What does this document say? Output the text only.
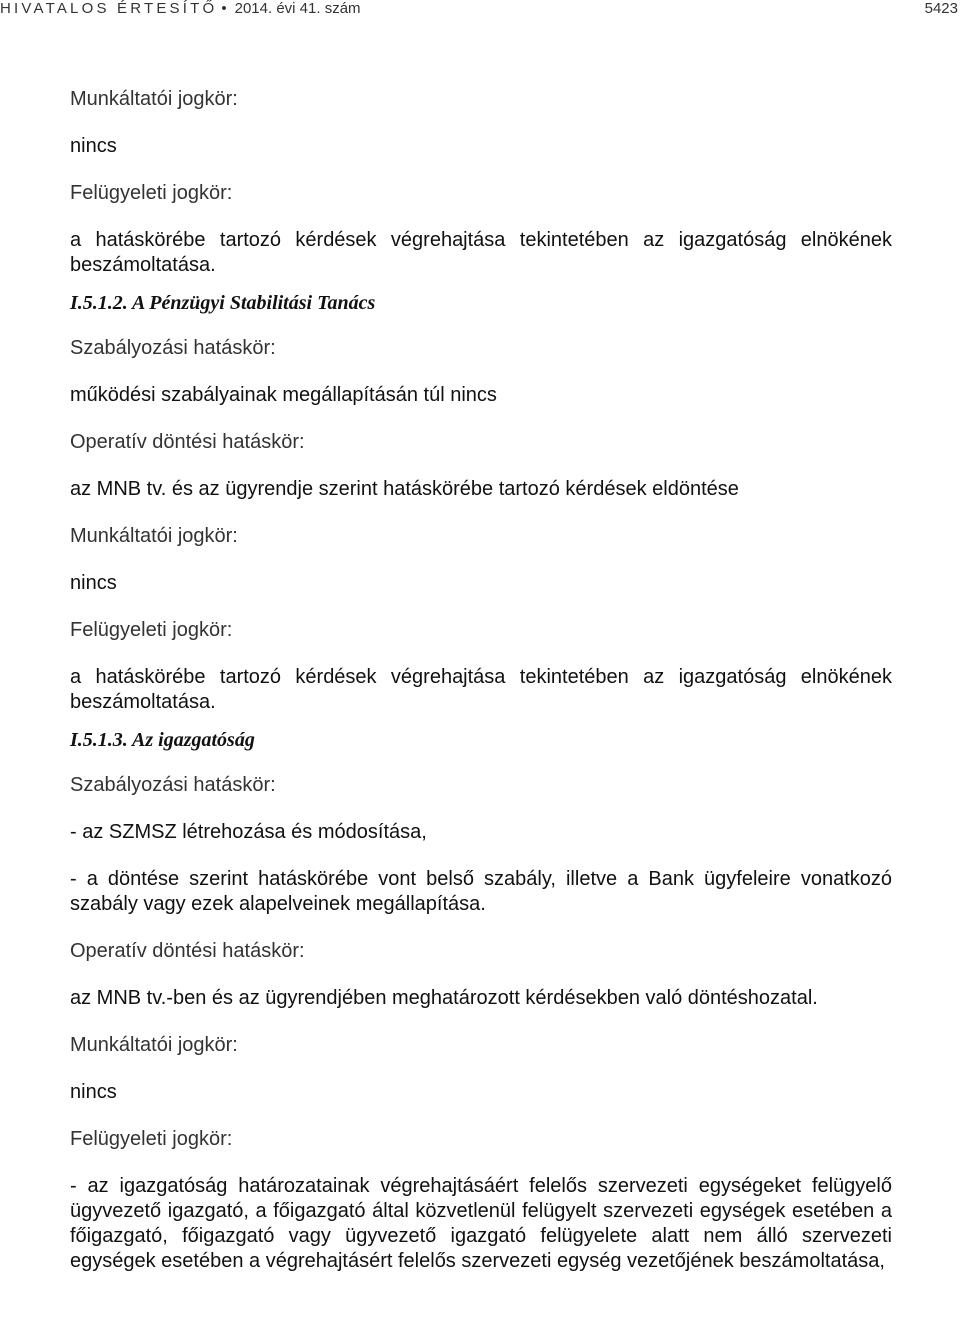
HIVATALOS ÉRTESÍTŐ • 2014. évi 41. szám	5423
Munkáltatói jogkör:
nincs
Felügyeleti jogkör:
a hatáskörébe tartozó kérdések végrehajtása tekintetében az igazgatóság elnökének beszámoltatása.
I.5.1.2. A Pénzügyi Stabilitási Tanács
Szabályozási hatáskör:
működési szabályainak megállapításán túl nincs
Operatív döntési hatáskör:
az MNB tv. és az ügyrendje szerint hatáskörébe tartozó kérdések eldöntése
Munkáltatói jogkör:
nincs
Felügyeleti jogkör:
a hatáskörébe tartozó kérdések végrehajtása tekintetében az igazgatóság elnökének beszámoltatása.
I.5.1.3. Az igazgatóság
Szabályozási hatáskör:
- az SZMSZ létrehozása és módosítása,
- a döntése szerint hatáskörébe vont belső szabály, illetve a Bank ügyfeleire vonatkozó szabály vagy ezek alapelveinek megállapítása.
Operatív döntési hatáskör:
az MNB tv.-ben és az ügyrendjében meghatározott kérdésekben való döntéshozatal.
Munkáltatói jogkör:
nincs
Felügyeleti jogkör:
- az igazgatóság határozatainak végrehajtásáért felelős szervezeti egységeket felügyelő ügyvezető igazgató, a főigazgató által közvetlenül felügyelt szervezeti egységek esetében a főigazgató, főigazgató vagy ügyvezető igazgató felügyelete alatt nem álló szervezeti egységek esetében a végrehajtásért felelős szervezeti egység vezetőjének beszámoltatása,
